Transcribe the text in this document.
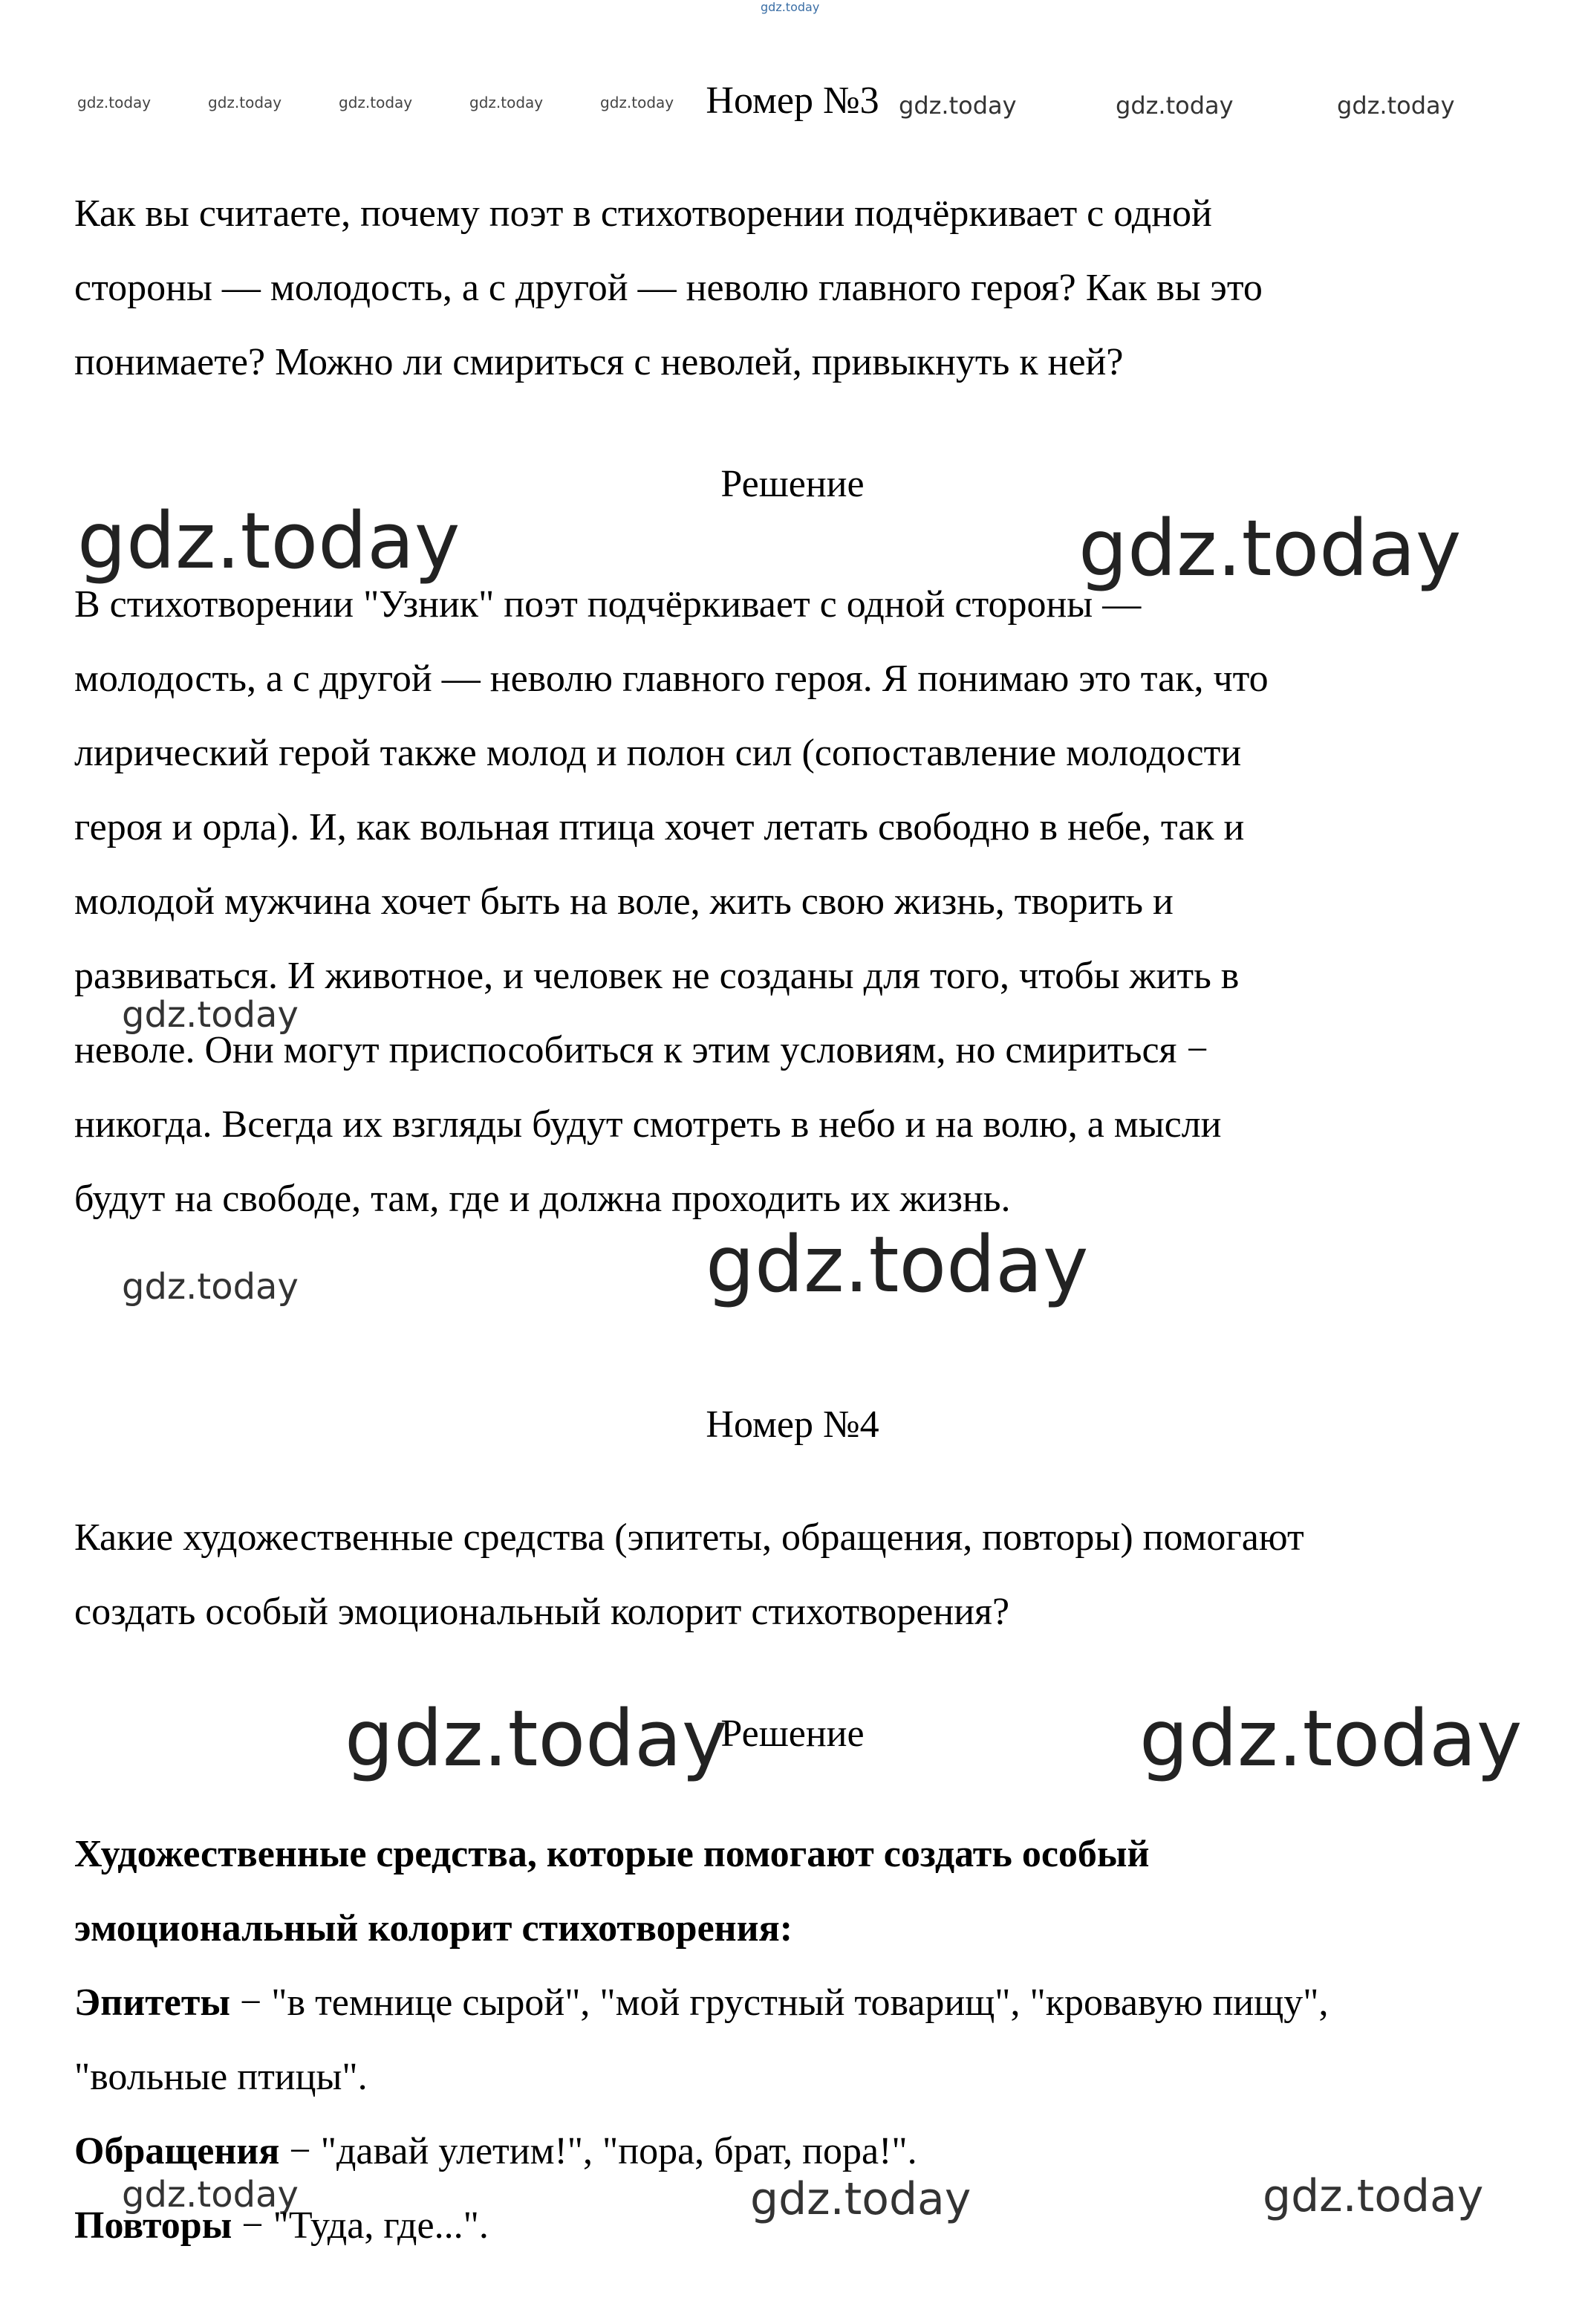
gdz.today
gdz.today	gdz.today	gdz.today	gdz.today	gdz.today	gdz.today	gdz.today	gdz.today
gdz.today	gdz.today
gdz.today
gdz.today	gdz.today
gdz.today	gdz.today
gdz.today	gdz.today	gdz.today
Номер №3
Как вы считаете, почему поэт в стихотворении подчёркивает с одной
стороны — молодость, а с другой — неволю главного героя? Как вы это
понимаете? Можно ли смириться с неволей, привыкнуть к ней?
Решение
В стихотворении "Узник" поэт подчёркивает с одной стороны —
молодость, а с другой — неволю главного героя. Я понимаю это так, что
лирический герой также молод и полон сил (сопоставление молодости
героя и орла). И, как вольная птица хочет летать свободно в небе, так и
молодой мужчина хочет быть на воле, жить свою жизнь, творить и
развиваться. И животное, и человек не созданы для того, чтобы жить в
неволе. Они могут приспособиться к этим условиям, но смириться −
никогда. Всегда их взгляды будут смотреть в небо и на волю, а мысли
будут на свободе, там, где и должна проходить их жизнь.
Номер №4
Какие художественные средства (эпитеты, обращения, повторы) помогают
создать особый эмоциональный колорит стихотворения?
Решение
Художественные средства, которые помогают создать особый
эмоциональный колорит стихотворения:
Эпитеты − "в темнице сырой", "мой грустный товарищ", "кровавую пищу",
"вольные птицы".
Обращения − "давай улетим!", "пора, брат, пора!".
Повторы − "Туда, где...".
